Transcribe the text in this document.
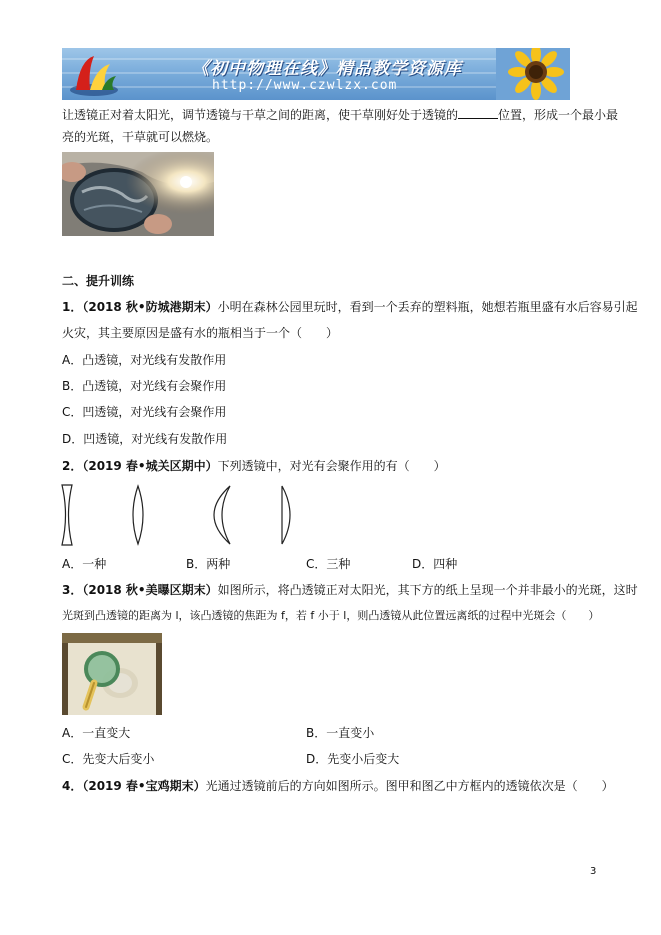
《初中物理在线》精品教学资源库
http://www.czwlzx.com
让透镜正对着太阳光，调节透镜与干草之间的距离，使干草刚好处于透镜的	位置，形成一个最小最
亮的光斑，干草就可以燃烧。
二、提升训练
1．（2018 秋•防城港期末）小明在森林公园里玩时，看到一个丢弃的塑料瓶，她想若瓶里盛有水后容易引起
火灾，其主要原因是盛有水的瓶相当于一个（　　）
A．凸透镜，对光线有发散作用
B．凸透镜，对光线有会聚作用
C．凹透镜，对光线有会聚作用
D．凹透镜，对光线有发散作用
2．（2019 春•城关区期中）下列透镜中，对光有会聚作用的有（　　）
A．一种	B．两种	C．三种	D．四种
3．（2018 秋•美曝区期末）如图所示，将凸透镜正对太阳光，其下方的纸上呈现一个并非最小的光斑，这时
光斑到凸透镜的距离为 l，该凸透镜的焦距为 f，若 f 小于 l，则凸透镜从此位置远离纸的过程中光斑会（　　）
A．一直变大	B．一直变小
C．先变大后变小	D．先变小后变大
4．（2019 春•宝鸡期末）光通过透镜前后的方向如图所示。图甲和图乙中方框内的透镜依次是（　　）
3
